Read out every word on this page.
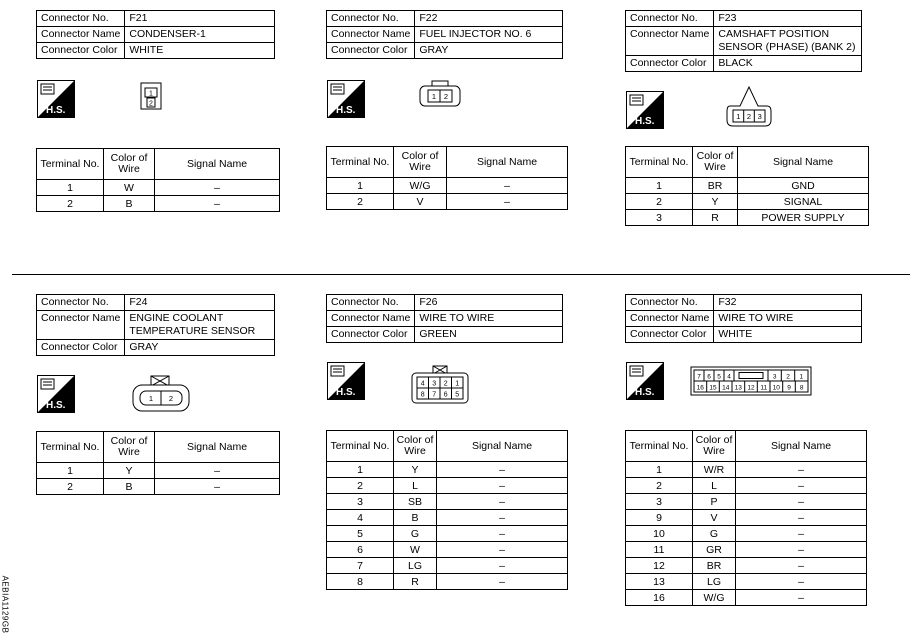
Connector No.	F21
Connector Name	CONDENSER-1
Connector Color	WHITE
H.S.
1
2
Terminal No.	Color of Wire	Signal Name
1	W	–
2	B	–
Connector No.	F22
Connector Name	FUEL INJECTOR NO. 6
Connector Color	GRAY
H.S.
1 2
Terminal No.	Color of Wire	Signal Name
1	W/G	–
2	V	–
Connector No.	F23
Connector Name	CAMSHAFT POSITION
SENSOR (PHASE) (BANK 2)
Connector Color	BLACK
H.S.	1 2 3
Terminal No.	Color of Wire	Signal Name
1	BR	GND
2	Y	SIGNAL
3	R	POWER SUPPLY
Connector No.	F24
Connector Name	ENGINE COOLANT
TEMPERATURE SENSOR
Connector Color	GRAY
H.S.
1 2
Terminal No.	Color of Wire	Signal Name
1	Y	–
2	B	–
Connector No.	F26
Connector Name	WIRE TO WIRE
Connector Color	GREEN
H.S.
4 3 2 1
8 7 6 5
Terminal No.	Color of Wire	Signal Name
1	Y	–
2	L	–
3	SB	–
4	B	–
5	G	–
6	W	–
7	LG	–
8	R	–
Connector No.	F32
Connector Name	WIRE TO WIRE
Connector Color	WHITE
H.S.
7 6 5 4	3 2 1
16 15 14 13 12 11 10 9 8
Terminal No.	Color of Wire	Signal Name
1	W/R	–
2	L	–
3	P	–
9	V	–
10	G	–
11	GR	–
12	BR	–
13	LG	–
16	W/G	–
AEBIA1129GB
